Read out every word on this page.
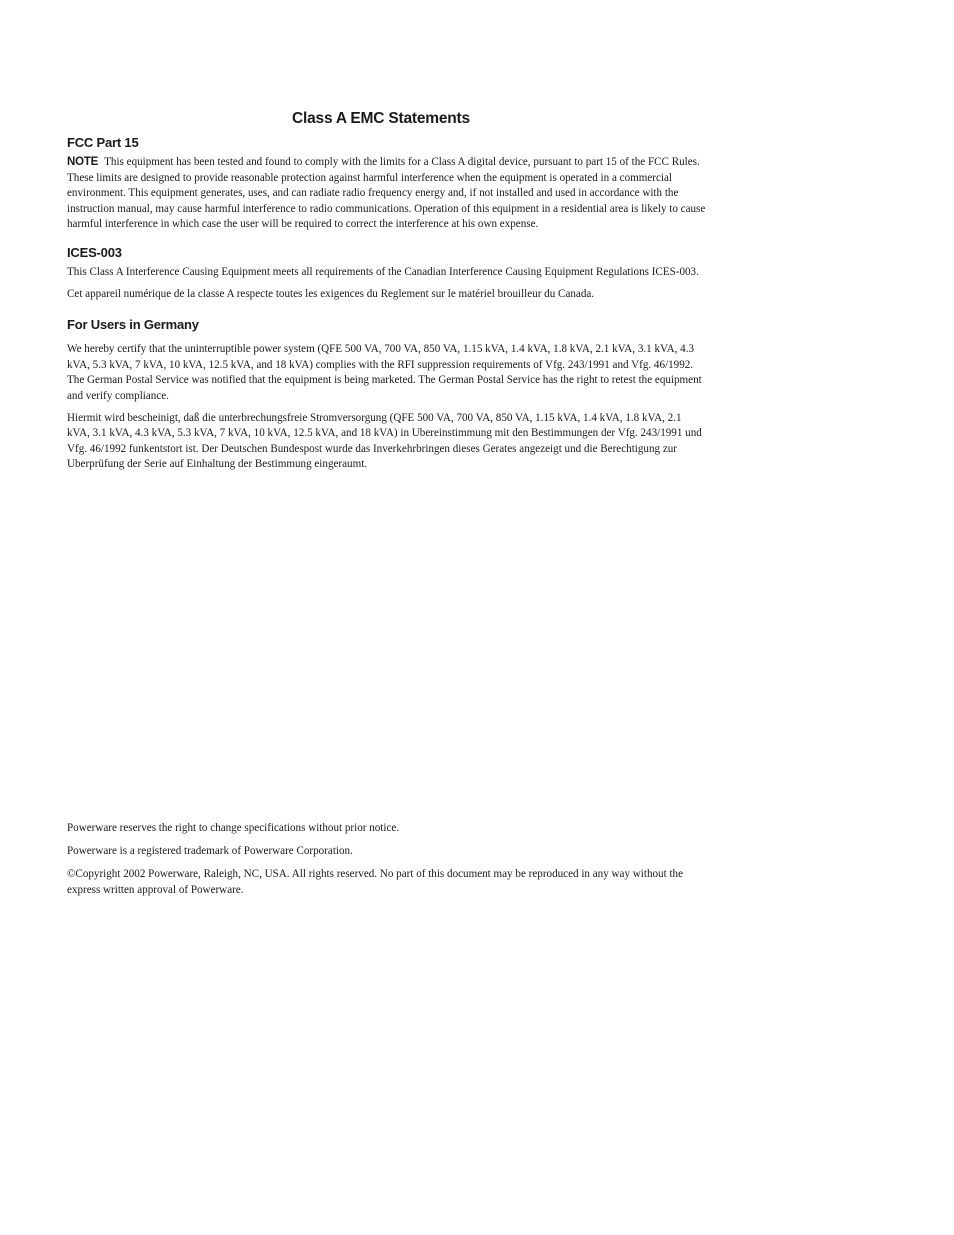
Class A EMC Statements
FCC Part 15
NOTE This equipment has been tested and found to comply with the limits for a Class A digital device, pursuant to part 15 of the FCC Rules. These limits are designed to provide reasonable protection against harmful interference when the equipment is operated in a commercial environment. This equipment generates, uses, and can radiate radio frequency energy and, if not installed and used in accordance with the instruction manual, may cause harmful interference to radio communications. Operation of this equipment in a residential area is likely to cause harmful interference in which case the user will be required to correct the interference at his own expense.
ICES-003
This Class A Interference Causing Equipment meets all requirements of the Canadian Interference Causing Equipment Regulations ICES-003.
Cet appareil numérique de la classe A respecte toutes les exigences du Reglement sur le matériel brouilleur du Canada.
For Users in Germany
We hereby certify that the uninterruptible power system (QFE 500 VA, 700 VA, 850 VA, 1.15 kVA, 1.4 kVA, 1.8 kVA, 2.1 kVA, 3.1 kVA, 4.3 kVA, 5.3 kVA, 7 kVA, 10 kVA, 12.5 kVA, and 18 kVA) complies with the RFI suppression requirements of Vfg. 243/1991 and Vfg. 46/1992. The German Postal Service was notified that the equipment is being marketed. The German Postal Service has the right to retest the equipment and verify compliance.
Hiermit wird bescheinigt, daß die unterbrechungsfreie Stromversorgung (QFE 500 VA, 700 VA, 850 VA, 1.15 kVA, 1.4 kVA, 1.8 kVA, 2.1 kVA, 3.1 kVA, 4.3 kVA, 5.3 kVA, 7 kVA, 10 kVA, 12.5 kVA, and 18 kVA) in Ubereinstimmung mit den Bestimmungen der Vfg. 243/1991 und Vfg. 46/1992 funkentstort ist. Der Deutschen Bundespost wurde das Inverkehrbringen dieses Gerates angezeigt und die Berechtigung zur Uberprüfung der Serie auf Einhaltung der Bestimmung eingeraumt.
Powerware reserves the right to change specifications without prior notice.
Powerware is a registered trademark of Powerware Corporation.
©Copyright 2002 Powerware, Raleigh, NC, USA. All rights reserved. No part of this document may be reproduced in any way without the express written approval of Powerware.
